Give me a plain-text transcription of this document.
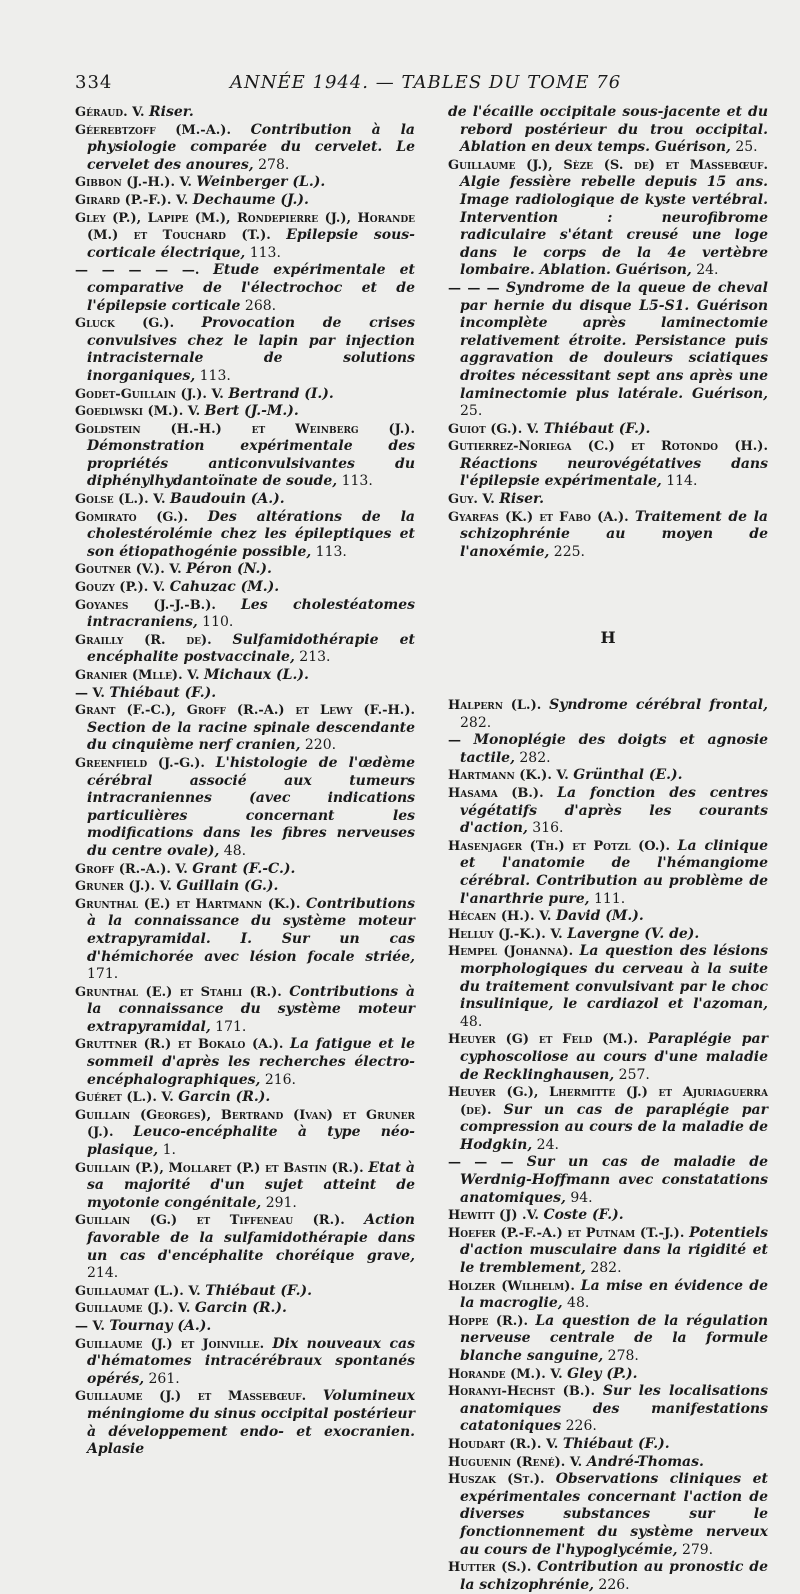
334	ANNÉE 1944. — TABLES DU TOME 76

Géraud. V. Riser.

Géerebtzoff (M.-A.). Contribution à la physiologie comparée du cervelet. Le cervelet des anoures, 278.

Gibbon (J.-H.). V. Weinberger (L.).

Girard (P.-F.). V. Dechaume (J.).

Gley (P.), Lapipe (M.), Rondepierre (J.), Horande (M.) et Touchard (T.). Epilepsie sous-corticale électrique, 113.

— — — — —. Etude expérimentale et comparative de l'électrochoc et de l'épilepsie corticale 268.

Gluck (G.). Provocation de crises convulsives chez le lapin par injection intracisternale de solutions inorganiques, 113.

Godet-Guillain (J.). V. Bertrand (I.).

Goedlwski (M.). V. Bert (J.-M.).

Goldstein (H.-H.) et Weinberg (J.). Démonstration expérimentale des propriétés anticonvulsivantes du diphénylhydantoïnate de soude, 113.

Golse (L.). V. Baudouin (A.).

Gomirato (G.). Des altérations de la cholestérolémie chez les épileptiques et son étiopathogénie possible, 113.

Goutner (V.). V. Péron (N.).

Gouzy (P.). V. Cahuzac (M.).

Goyanes (J.-J.-B.). Les cholestéatomes intracraniens, 110.

Grailly (R. de). Sulfamidothérapie et encéphalite postvaccinale, 213.

Granier (Mlle). V. Michaux (L.).

— V. Thiébaut (F.).

Grant (F.-C.), Groff (R.-A.) et Lewy (F.-H.). Section de la racine spinale descendante du cinquième nerf cranien, 220.

Greenfield (J.-G.). L'histologie de l'œdème cérébral associé aux tumeurs intracraniennes (avec indications particulières concernant les modifications dans les fibres nerveuses du centre ovale), 48.

Groff (R.-A.). V. Grant (F.-C.).

Gruner (J.). V. Guillain (G.).

Grunthal (E.) et Hartmann (K.). Contributions à la connaissance du système moteur extrapyramidal. I. Sur un cas d'hémichorée avec lésion focale striée, 171.

Grunthal (E.) et Stahli (R.). Contributions à la connaissance du système moteur extrapyramidal, 171.

Gruttner (R.) et Bokalo (A.). La fatigue et le sommeil d'après les recherches électro-encéphalographiques, 216.

Guéret (L.). V. Garcin (R.).

Guillain (Georges), Bertrand (Ivan) et Gruner (J.). Leuco-encéphalite à type néo-plasique, 1.

Guillain (P.), Mollaret (P.) et Bastin (R.). Etat à sa majorité d'un sujet atteint de myotonie congénitale, 291.

Guillain (G.) et Tiffeneau (R.). Action favorable de la sulfamidothérapie dans un cas d'encéphalite choréique grave, 214.

Guillaumat (L.). V. Thiébaut (F.).

Guillaume (J.). V. Garcin (R.).

— V. Tournay (A.).

Guillaume (J.) et Joinville. Dix nouveaux cas d'hématomes intracérébraux spontanés opérés, 261.

Guillaume (J.) et Massebœuf. Volumineux méningiome du sinus occipital postérieur à développement endo- et exocranien. Aplasie

de l'écaille occipitale sous-jacente et du rebord postérieur du trou occipital. Ablation en deux temps. Guérison, 25.

Guillaume (J.), Sèze (S. de) et Massebœuf. Algie fessière rebelle depuis 15 ans. Image radiologique de kyste vertébral. Intervention : neurofibrome radiculaire s'étant creusé une loge dans le corps de la 4e vertèbre lombaire. Ablation. Guérison, 24.

— — — Syndrome de la queue de cheval par hernie du disque L5-S1. Guérison incomplète après laminectomie relativement étroite. Persistance puis aggravation de douleurs sciatiques droites nécessitant sept ans après une laminectomie plus latérale. Guérison, 25.

Guiot (G.). V. Thiébaut (F.).

Gutierrez-Noriega (C.) et Rotondo (H.). Réactions neurovégétatives dans l'épilepsie expérimentale, 114.

Guy. V. Riser.

Gyarfas (K.) et Fabo (A.). Traitement de la schizophrénie au moyen de l'anoxémie, 225.

H

Halpern (L.). Syndrome cérébral frontal, 282.

— Monoplégie des doigts et agnosie tactile, 282.

Hartmann (K.). V. Grünthal (E.).

Hasama (B.). La fonction des centres végétatifs d'après les courants d'action, 316.

Hasenjager (Th.) et Potzl (O.). La clinique et l'anatomie de l'hémangiome cérébral. Contribution au problème de l'anarthrie pure, 111.

Hécaen (H.). V. David (M.).

Helluy (J.-K.). V. Lavergne (V. de).

Hempel (Johanna). La question des lésions morphologiques du cerveau à la suite du traitement convulsivant par le choc insulinique, le cardiazol et l'azoman, 48.

Heuyer (G) et Feld (M.). Paraplégie par cyphoscoliose au cours d'une maladie de Recklinghausen, 257.

Heuyer (G.), Lhermitte (J.) et Ajuriaguerra (de). Sur un cas de paraplégie par compression au cours de la maladie de Hodgkin, 24.

— — — Sur un cas de maladie de Werdnig-Hoffmann avec constatations anatomiques, 94.

Hewitt (J) .V. Coste (F.).

Hoefer (P.-F.-A.) et Putnam (T.-J.). Potentiels d'action musculaire dans la rigidité et le tremblement, 282.

Holzer (Wilhelm). La mise en évidence de la macroglie, 48.

Hoppe (R.). La question de la régulation nerveuse centrale de la formule blanche sanguine, 278.

Horande (M.). V. Gley (P.).

Horanyi-Hechst (B.). Sur les localisations anatomiques des manifestations catatoniques 226.

Houdart (R.). V. Thiébaut (F.).

Huguenin (René). V. André-Thomas.

Huszak (St.). Observations cliniques et expérimentales concernant l'action de diverses substances sur le fonctionnement du système nerveux au cours de l'hypoglycémie, 279.

Hutter (S.). Contribution au pronostic de la schizophrénie, 226.
